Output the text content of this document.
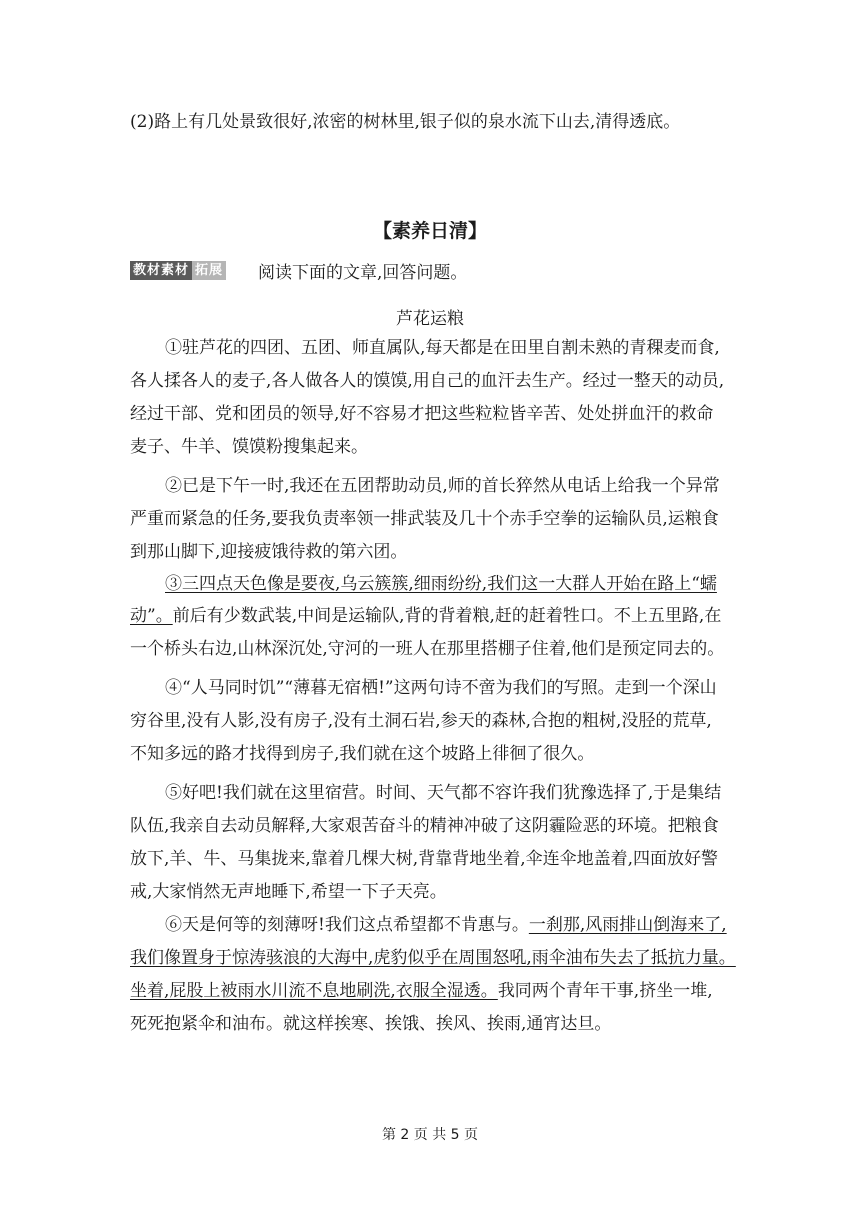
(2)路上有几处景致很好,浓密的树林里,银子似的泉水流下山去,清得透底。
【素养日清】
教材素材 拓展 阅读下面的文章,回答问题。
芦花运粮
①驻芦花的四团、五团、师直属队,每天都是在田里自割未熟的青稞麦而食,
各人揉各人的麦子,各人做各人的馍馍,用自己的血汗去生产。经过一整天的动员,
经过干部、党和团员的领导,好不容易才把这些粒粒皆辛苦、处处拼血汗的救命
麦子、牛羊、馍馍粉搜集起来。
②已是下午一时,我还在五团帮助动员,师的首长猝然从电话上给我一个异常
严重而紧急的任务,要我负责率领一排武装及几十个赤手空拳的运输队员,运粮食
到那山脚下,迎接疲饿待救的第六团。
③三四点天色像是要夜,乌云簇簇,细雨纷纷,我们这一大群人开始在路上“蠕
动”。前后有少数武装,中间是运输队,背的背着粮,赶的赶着牲口。不上五里路,在
一个桥头右边,山林深沉处,守河的一班人在那里搭棚子住着,他们是预定同去的。
④“人马同时饥”“薄暮无宿栖!”这两句诗不啻为我们的写照。走到一个深山
穷谷里,没有人影,没有房子,没有土洞石岩,参天的森林,合抱的粗树,没胫的荒草,
不知多远的路才找得到房子,我们就在这个坡路上徘徊了很久。
⑤好吧!我们就在这里宿营。时间、天气都不容许我们犹豫选择了,于是集结
队伍,我亲自去动员解释,大家艰苦奋斗的精神冲破了这阴霾险恶的环境。把粮食
放下,羊、牛、马集拢来,靠着几棵大树,背靠背地坐着,伞连伞地盖着,四面放好警
戒,大家悄然无声地睡下,希望一下子天亮。
⑥天是何等的刻薄呀!我们这点希望都不肯惠与。一刹那,风雨排山倒海来了,
我们像置身于惊涛骇浪的大海中,虎豹似乎在周围怒吼,雨伞油布失去了抵抗力量。
坐着,屁股上被雨水川流不息地刷洗,衣服全湿透。我同两个青年干事,挤坐一堆,
死死抱紧伞和油布。就这样挨寒、挨饿、挨风、挨雨,通宵达旦。
第 2 页 共 5 页
